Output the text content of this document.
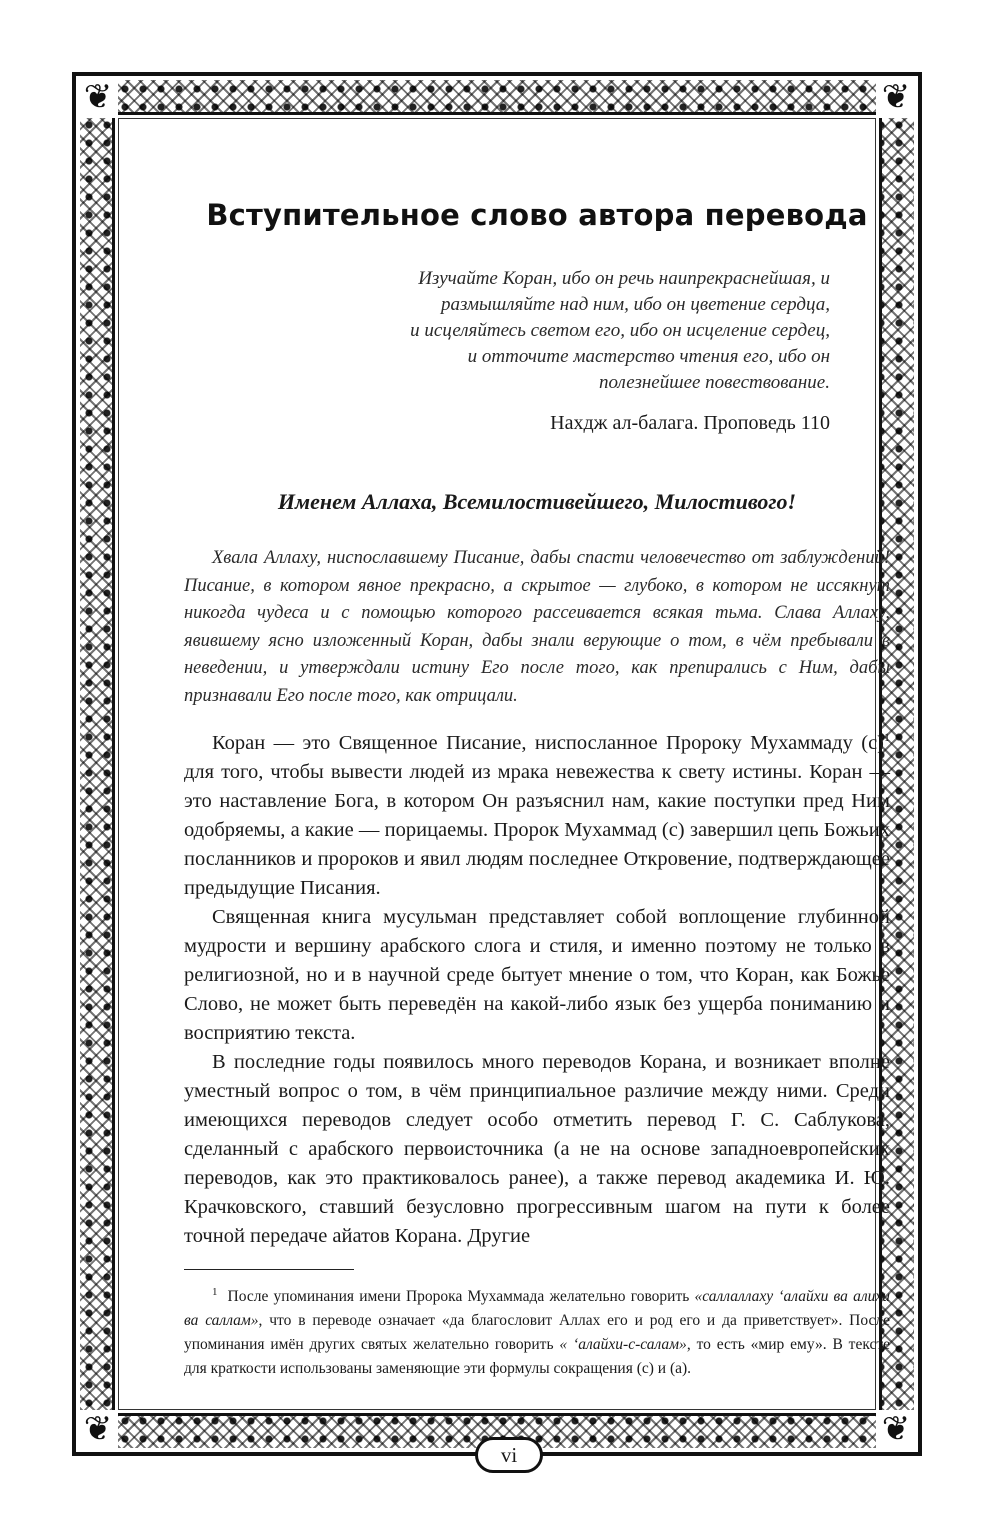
❦	❦
❦	❦
Вступительное слово автора перевода
Изучайте Коран, ибо он речь наипрекраснейшая, и
размышляйте над ним, ибо он цветение сердца,
и исцеляйтесь светом его, ибо он исцеление сердец,
и отточите мастерство чтения его, ибо он
полезнейшее повествование.
Нахдж ал-балага. Проповедь 110
Именем Аллаха, Всемилостивейшего, Милостивого!

Хвала Аллаху, ниспославшему Писание, дабы спасти человечество от заблуждений! Писание, в котором явное прекрасно, а скрытое — глубоко, в котором не иссякнут никогда чудеса и с помощью которого рассеивается всякая тьма. Слава Аллаху, явившему ясно изложенный Коран, дабы знали верующие о том, в чём пребывали в неведении, и утверждали истину Его после того, как препирались с Ним, дабы признавали Его после того, как отрицали.

Коран — это Священное Писание, ниспосланное Пророку Мухаммаду $(с)^1$ для того, чтобы вывести людей из мрака невежества к свету истины. Коран — это наставление Бога, в котором Он разъяснил нам, какие поступки пред Ним одобряемы, а какие — порицаемы. Пророк Мухаммад (с) завершил цепь Божьих посланников и пророков и явил людям последнее Откровение, подтверждающее предыдущие Писания.

Священная книга мусульман представляет собой воплощение глубинной мудрости и вершину арабского слога и стиля, и именно поэтому не только в религиозной, но и в научной среде бытует мнение о том, что Коран, как Божье Слово, не может быть переведён на какой-либо язык без ущерба пониманию и восприятию текста.

В последние годы появилось много переводов Корана, и возникает вполне уместный вопрос о том, в чём принципиальное различие между ними. Среди имеющихся переводов следует особо отметить перевод Г. С. Саблукова, сделанный с арабского первоисточника (а не на основе западноевропейских переводов, как это практиковалось ранее), а также перевод академика И. Ю. Крачковского, ставший безусловно прогрессивным шагом на пути к более точной передаче айатов Корана. Другие

$^1$ После упоминания имени Пророка Мухаммада желательно говорить «саллаллаху ‘алайхи ва алихи ва саллам», что в переводе означает «да благословит Аллах его и род его и да приветствует». После упоминания имён других святых желательно говорить « ‘алайхи-с-салам», то есть «мир ему». В тексте для краткости использованы заменяющие эти формулы сокращения (с) и (а).

vi
